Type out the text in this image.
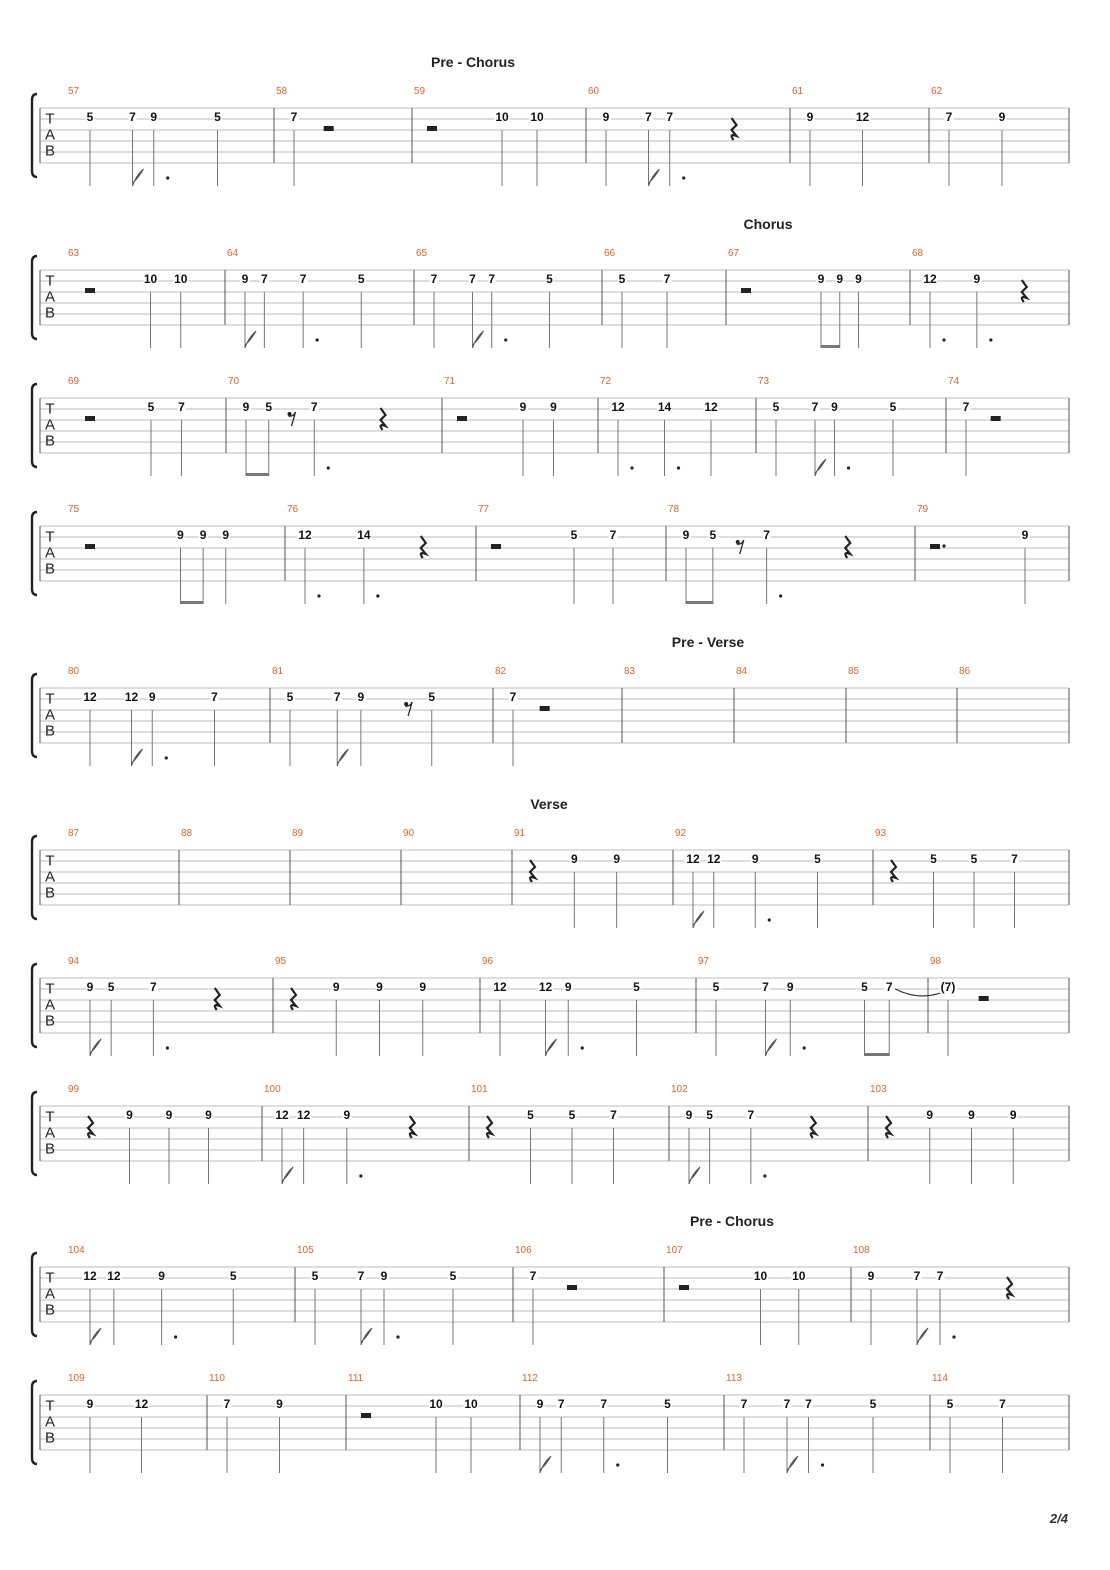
2/4
Pre - Chorus
T
A
B
57
5	7 9	5
58
7
59
10 10
60
9	7 7
61
9	12
62
7	9
Chorus
T
A
B
63
10 10
64
9 7	7	5
65
7	7 7	5
66
5	7
67
9 9 9
68
12	9
T
A
B
69
5 7
70
9 5	7
71
9 9
72
12	14	12
73
5	7 9	5
74
7
T
A
B
75
9 9 9
76
12	14
77
5	7
78
9 5	7
79
9
Pre - Verse
T
A
B
80
12 12 9	7
81
5	7 9	5
82
7
83	84	85	86
Verse
T
A
B
87	88	89	90	91
9	9
92
12 12	9	5
93
5	5	7
T
A
B
94
9 5	7
95
9	9	9
96
12	12 9	5
97
5	7 9	5 7
98
(7)
T
A
B
99
9	9	9
100
12 12	9
101
5	5	7
102
9 5	7
103
9	9	9
Pre - Chorus
T
A
B
104
12 12	9	5
105
5	7 9	5
106
7
107
10 10
108
9	7 7
T
A
B
109
9	12
110
7	9
111
10 10
112
9 7	7	5
113
7	7 7	5
114
5	7
